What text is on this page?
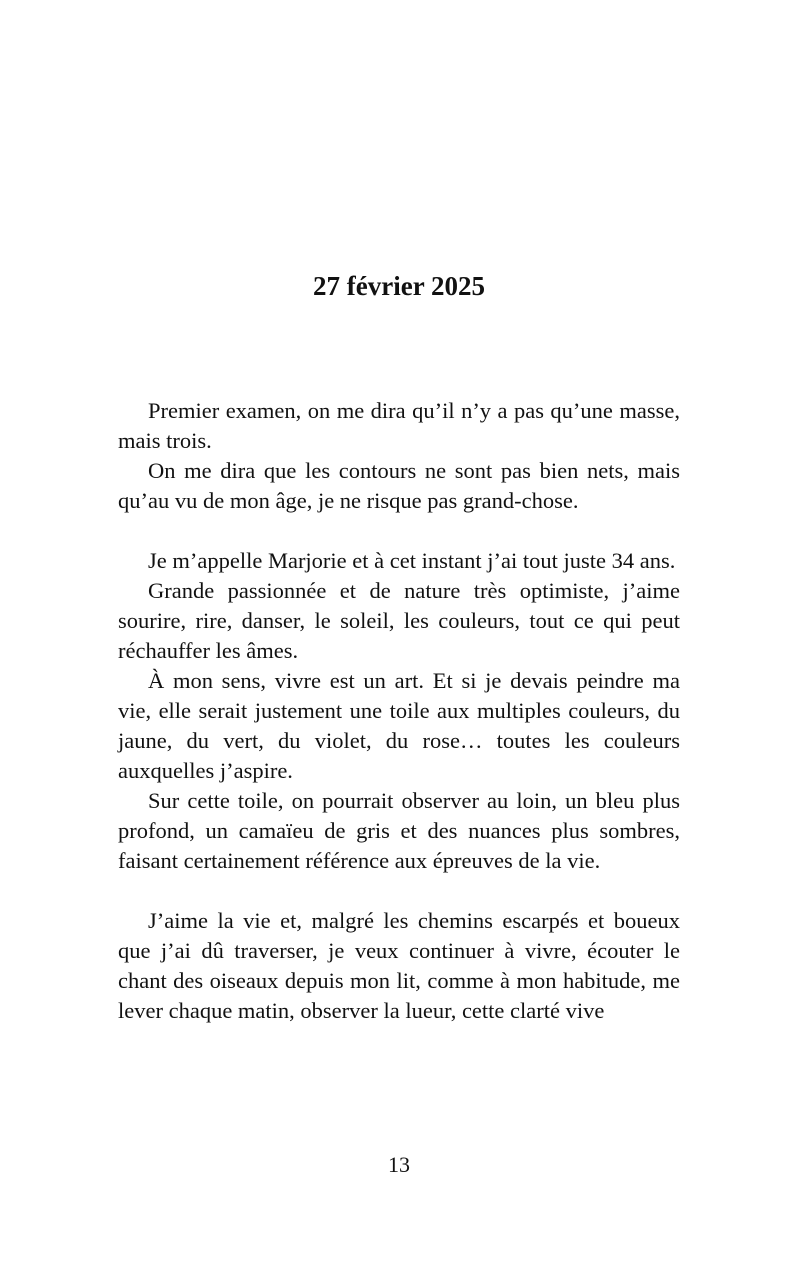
27 février 2025

Premier examen, on me dira qu’il n’y a pas qu’une masse, mais trois.

On me dira que les contours ne sont pas bien nets, mais qu’au vu de mon âge, je ne risque pas grand-chose.

Je m’appelle Marjorie et à cet instant j’ai tout juste 34 ans.

Grande passionnée et de nature très optimiste, j’aime sourire, rire, danser, le soleil, les couleurs, tout ce qui peut réchauffer les âmes.

À mon sens, vivre est un art. Et si je devais peindre ma vie, elle serait justement une toile aux multiples couleurs, du jaune, du vert, du violet, du rose… toutes les couleurs auxquelles j’aspire.

Sur cette toile, on pourrait observer au loin, un bleu plus profond, un camaïeu de gris et des nuances plus sombres, faisant certainement référence aux épreuves de la vie.

J’aime la vie et, malgré les chemins escarpés et boueux que j’ai dû traverser, je veux continuer à vivre, écouter le chant des oiseaux depuis mon lit, comme à mon habitude, me lever chaque matin, observer la lueur, cette clarté vive

13
